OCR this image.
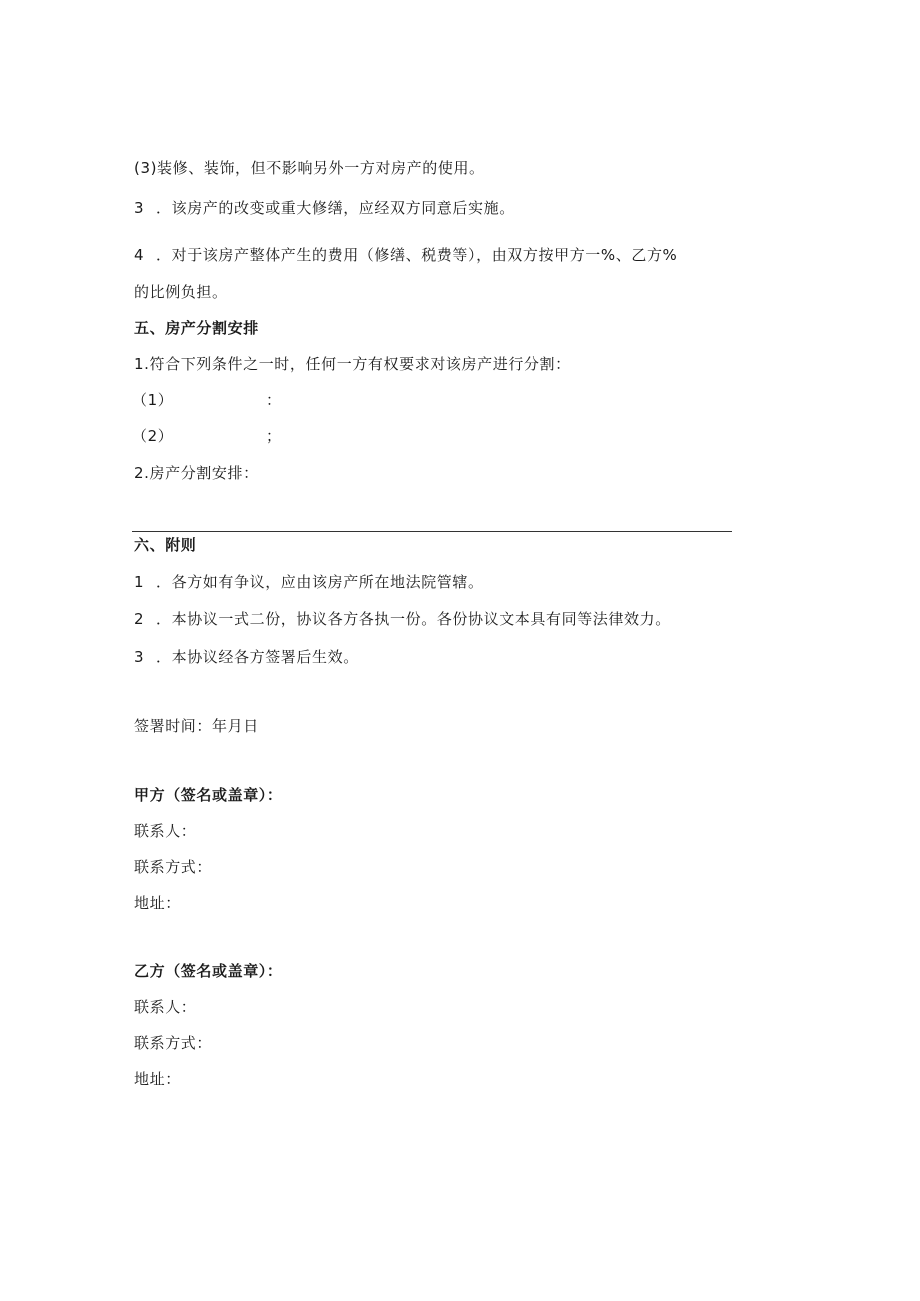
(3)装修、装饰，但不影响另外一方对房产的使用。
3 ．该房产的改变或重大修缮，应经双方同意后实施。
4 ．对于该房产整体产生的费用（修缮、税费等），由双方按甲方一%、乙方%
的比例负担。
五、房产分割安排
1.符合下列条件之一时，任何一方有权要求对该房产进行分割：
（1）	：
（2）	；
2.房产分割安排：
六、附则
1 ．各方如有争议，应由该房产所在地法院管辖。
2 ．本协议一式二份，协议各方各执一份。各份协议文本具有同等法律效力。
3 ．本协议经各方签署后生效。
签署时间：年月日
甲方（签名或盖章）：
联系人：
联系方式：
地址：
乙方（签名或盖章）：
联系人：
联系方式：
地址：
